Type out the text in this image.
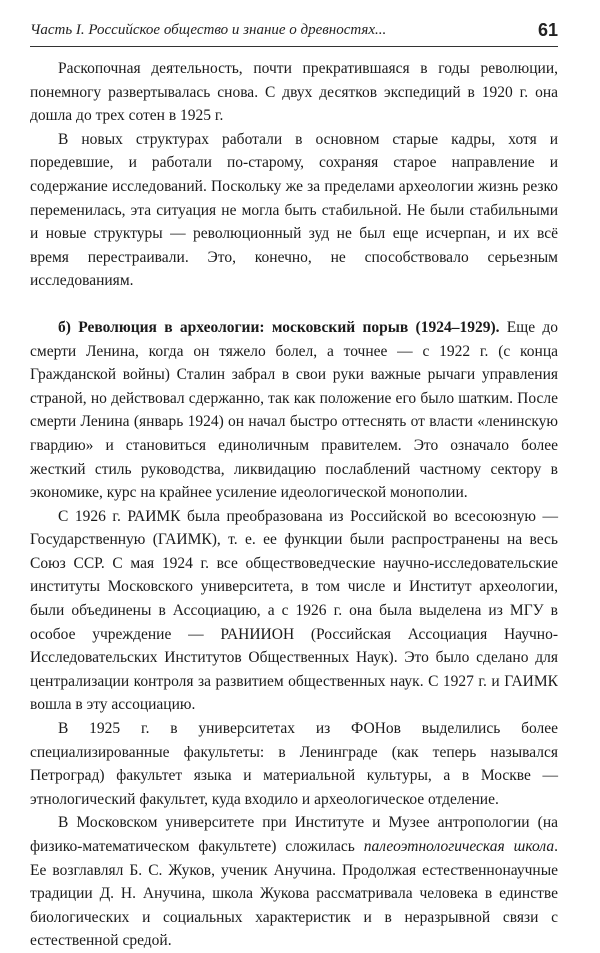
Часть I. Российское общество и знание о древностях...	61

Раскопочная деятельность, почти прекратившаяся в годы революции, понемногу развертывалась снова. С двух десятков экспедиций в 1920 г. она дошла до трех сотен в 1925 г.

В новых структурах работали в основном старые кадры, хотя и поредевшие, и работали по-старому, сохраняя старое направление и содержание исследований. Поскольку же за пределами археологии жизнь резко переменилась, эта ситуация не могла быть стабильной. Не были стабильными и новые структуры — революционный зуд не был еще исчерпан, и их всё время перестраивали. Это, конечно, не способствовало серьезным исследованиям.

б) Революция в археологии: московский порыв (1924–1929). Еще до смерти Ленина, когда он тяжело болел, а точнее — с 1922 г. (с конца Гражданской войны) Сталин забрал в свои руки важные рычаги управления страной, но действовал сдержанно, так как положение его было шатким. После смерти Ленина (январь 1924) он начал быстро оттеснять от власти «ленинскую гвардию» и становиться единоличным правителем. Это означало более жесткий стиль руководства, ликвидацию послаблений частному сектору в экономике, курс на крайнее усиление идеологической монополии.

С 1926 г. РАИМК была преобразована из Российской во всесоюзную — Государственную (ГАИМК), т. е. ее функции были распространены на весь Союз ССР. С мая 1924 г. все обществоведческие научно-исследовательские институты Московского университета, в том числе и Институт археологии, были объединены в Ассоциацию, а с 1926 г. она была выделена из МГУ в особое учреждение — РАНИИОН (Российская Ассоциация Научно-Исследовательских Институтов Общественных Наук). Это было сделано для централизации контроля за развитием общественных наук. С 1927 г. и ГАИМК вошла в эту ассоциацию.

В 1925 г. в университетах из ФОНов выделились более специализированные факультеты: в Ленинграде (как теперь назывался Петроград) факультет языка и материальной культуры, а в Москве — этнологический факультет, куда входило и археологическое отделение.

В Московском университете при Институте и Музее антропологии (на физико-математическом факультете) сложилась палеоэтнологическая школа. Ее возглавлял Б. С. Жуков, ученик Анучина. Продолжая естественнонаучные традиции Д. Н. Анучина, школа Жукова рассматривала человека в единстве биологических и социальных характеристик и в неразрывной связи с естественной средой.
